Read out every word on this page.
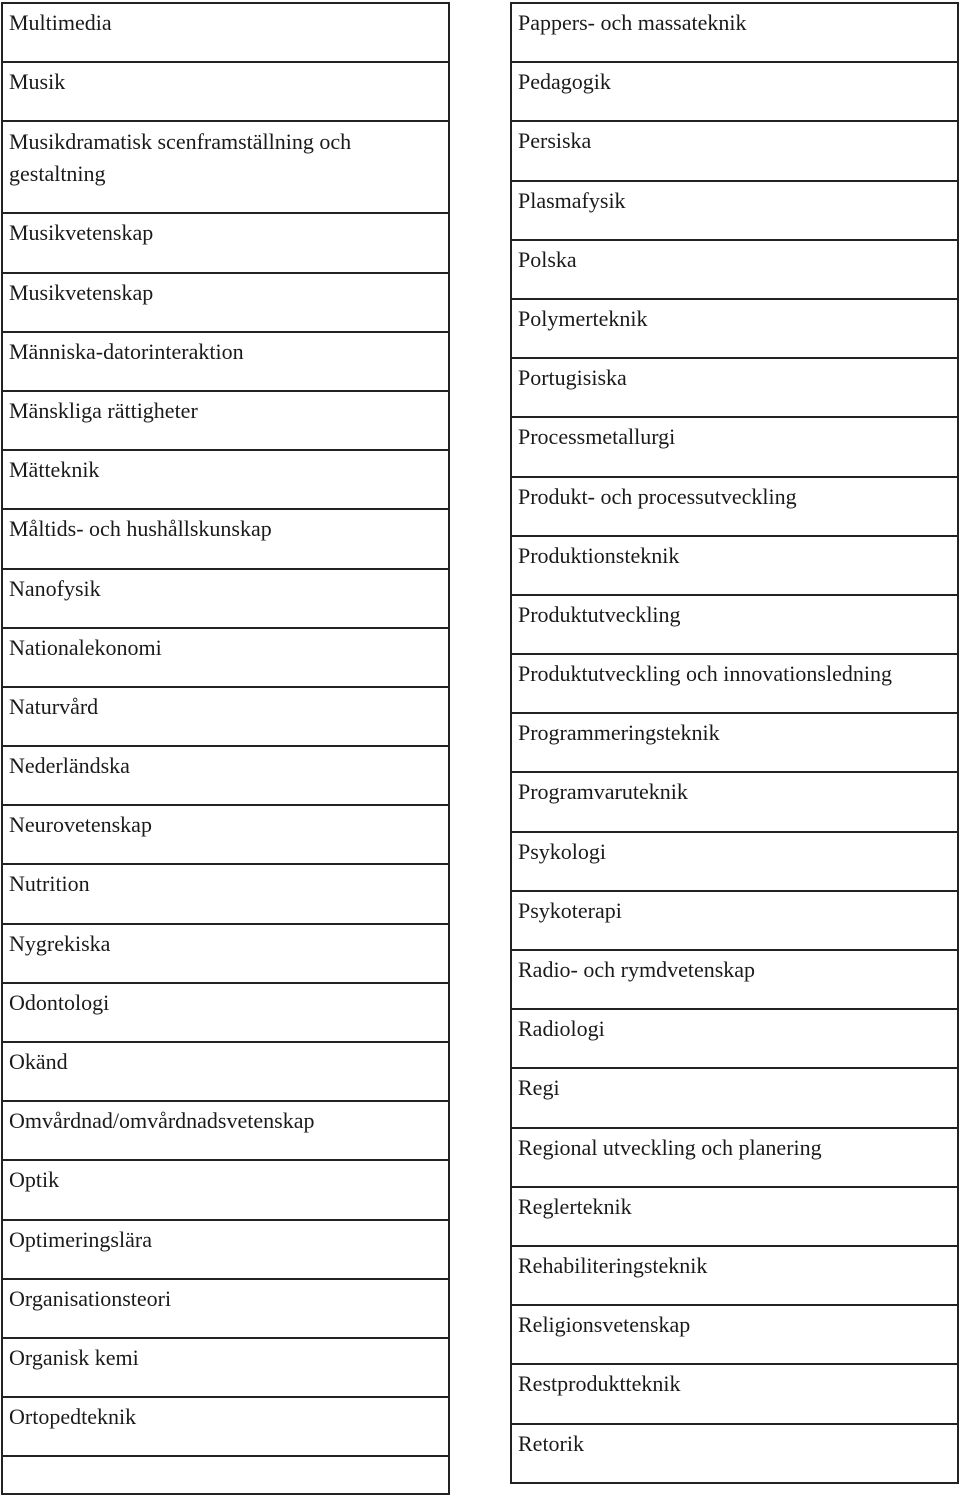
Multimedia
Musik
Musikdramatisk scenframställning och gestaltning
Musikvetenskap
Musikvetenskap
Människa-datorinteraktion
Mänskliga rättigheter
Mätteknik
Måltids- och hushållskunskap
Nanofysik
Nationalekonomi
Naturvård
Nederländska
Neurovetenskap
Nutrition
Nygrekiska
Odontologi
Okänd
Omvårdnad/omvårdnadsvetenskap
Optik
Optimeringslära
Organisationsteori
Organisk kemi
Ortopedteknik
Pappers- och massateknik
Pedagogik
Persiska
Plasmafysik
Polska
Polymerteknik
Portugisiska
Processmetallurgi
Produkt- och processutveckling
Produktionsteknik
Produktutveckling
Produktutveckling och innovationsledning
Programmeringsteknik
Programvaruteknik
Psykologi
Psykoterapi
Radio- och rymdvetenskap
Radiologi
Regi
Regional utveckling och planering
Reglerteknik
Rehabiliteringsteknik
Religionsvetenskap
Restproduktteknik
Retorik
